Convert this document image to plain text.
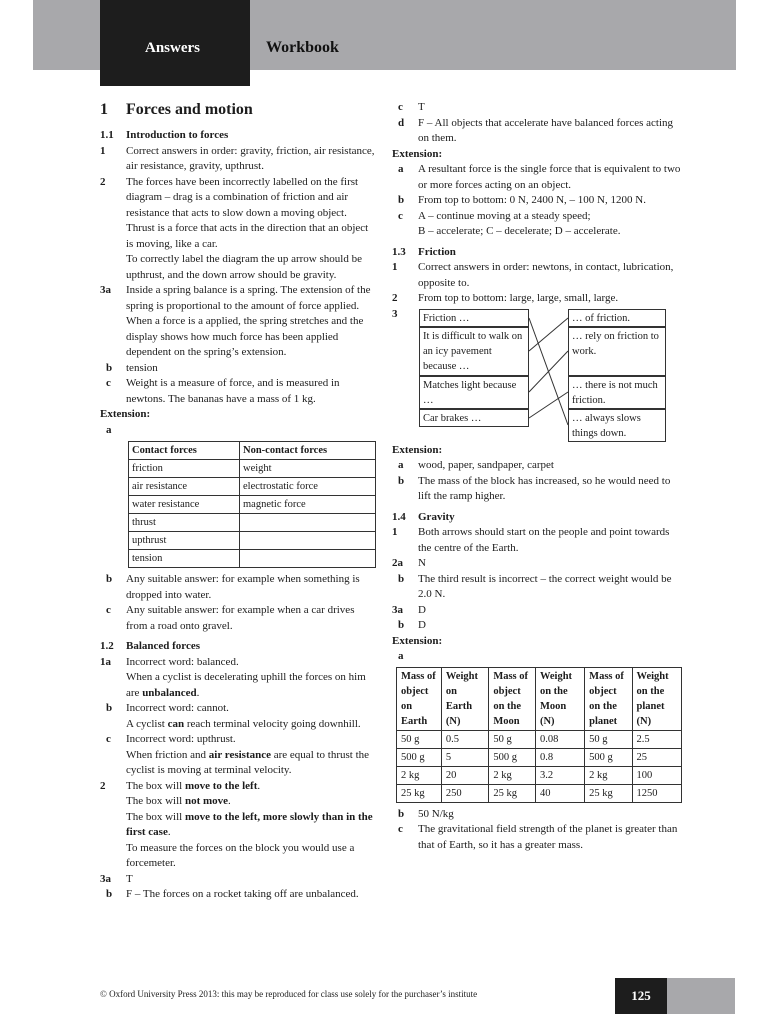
Answers	Workbook
1 Forces and motion
1.1 Introduction to forces
1	Correct answers in order: gravity, friction, air resistance, air resistance, gravity, upthrust.
2	The forces have been incorrectly labelled on the first diagram – drag is a combination of friction and air resistance that acts to slow down a moving object. Thrust is a force that acts in the direction that an object is moving, like a car.
To correctly label the diagram the up arrow should be upthrust, and the down arrow should be gravity.
3a	Inside a spring balance is a spring. The extension of the spring is proportional to the amount of force applied. When a force is a applied, the spring stretches and the display shows how much force has been applied dependent on the spring’s extension.
b	tension
c	Weight is a measure of force, and is measured in newtons. The bananas have a mass of 1 kg.
Extension:
a
Contact forces	Non-contact forces
friction	weight
air resistance	electrostatic force
water resistance	magnetic force
thrust	
upthrust	
tension	
b	Any suitable answer: for example when something is dropped into water.
c	Any suitable answer: for example when a car drives from a road onto gravel.
1.2 Balanced forces
1a	Incorrect word: balanced.
When a cyclist is decelerating uphill the forces on him are unbalanced.
b	Incorrect word: cannot.
A cyclist can reach terminal velocity going downhill.
c	Incorrect word: upthrust.
When friction and air resistance are equal to thrust the cyclist is moving at terminal velocity.
2	The box will move to the left.
The box will not move.
The box will move to the left, more slowly than in the first case.
To measure the forces on the block you would use a forcemeter.
3a	T
b	F – The forces on a rocket taking off are unbalanced.
c	T
d	F – All objects that accelerate have balanced forces acting on them.
Extension:
a	A resultant force is the single force that is equivalent to two or more forces acting on an object.
b	From top to bottom: 0 N, 2400 N, – 100 N, 1200 N.
c	A – continue moving at a steady speed;
B – accelerate; C – decelerate; D – accelerate.
1.3 Friction
1	Correct answers in order: newtons, in contact, lubrication, opposite to.
2	From top to bottom: large, large, small, large.
3	Friction …
It is difficult to walk on an icy pavement because …
Matches light because …
Car brakes …
… of friction.
… rely on friction to work.
… there is not much friction.
… always slows things down.
Extension:
a	wood, paper, sandpaper, carpet
b	The mass of the block has increased, so he would need to lift the ramp higher.
1.4 Gravity
1	Both arrows should start on the people and point towards the centre of the Earth.
2a	N
b	The third result is incorrect – the correct weight would be 2.0 N.
3a	D
b	D
Extension:
a
Mass of object on Earth	Weight on Earth (N)	Mass of object on the Moon	Weight on the Moon (N)	Mass of object on the planet	Weight on the planet (N)
50 g	0.5	50 g	0.08	50 g	2.5
500 g	5	500 g	0.8	500 g	25
2 kg	20	2 kg	3.2	2 kg	100
25 kg	250	25 kg	40	25 kg	1250
b	50 N/kg
c	The gravitational field strength of the planet is greater than that of Earth, so it has a greater mass.
© Oxford University Press 2013: this may be reproduced for class use solely for the purchaser’s institute	125
